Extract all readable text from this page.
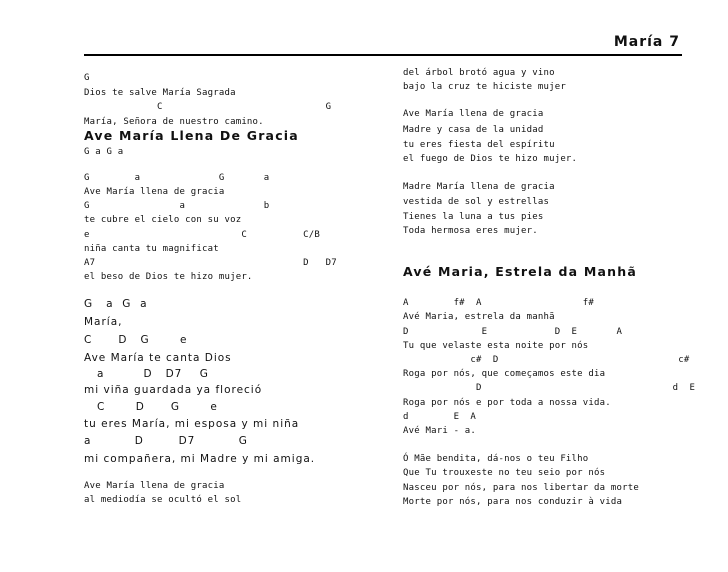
María 7
G
Dios te salve María Sagrada
C                             G
María, Señora de nuestro camino.
Ave María Llena De Gracia
G a G a
G        a              G       a
Ave María llena de gracia
G                a              b
te cubre el cielo con su voz
e                           C          C/B
niña canta tu magnificat
A7                                     D   D7
el beso de Dios te hizo mujer.
G   a  G  a
María,
C      D   G       e
Ave María te canta Dios
a         D   D7    G
mi viña guardada ya floreció
C       D      G       e
tu eres María, mi esposa y mi niña
a          D        D7          G
mi compañera, mi Madre y mi amiga.
Ave María llena de gracia
al mediodía se ocultó el sol
del árbol brotó agua y vino
bajo la cruz te hiciste mujer
Ave María llena de gracia
Madre y casa de la unidad
tu eres fiesta del espíritu
el fuego de Dios te hizo mujer.
Madre María llena de gracia
vestida de sol y estrellas
Tienes la luna a tus pies
Toda hermosa eres mujer.
Avé Maria, Estrela da Manhã
A        f#  A                  f#
Avé Maria, estrela da manhã
D             E            D  E       A
Tu que velaste esta noite por nós
c#  D                                c#
Roga por nós, que começamos este dia
D                                  d  E
Roga por nós e por toda a nossa vida.
d        E  A
Avé Mari - a.
Ó Mãe bendita, dá-nos o teu Filho
Que Tu trouxeste no teu seio por nós
Nasceu por nós, para nos libertar da morte
Morte por nós, para nos conduzir à vida
